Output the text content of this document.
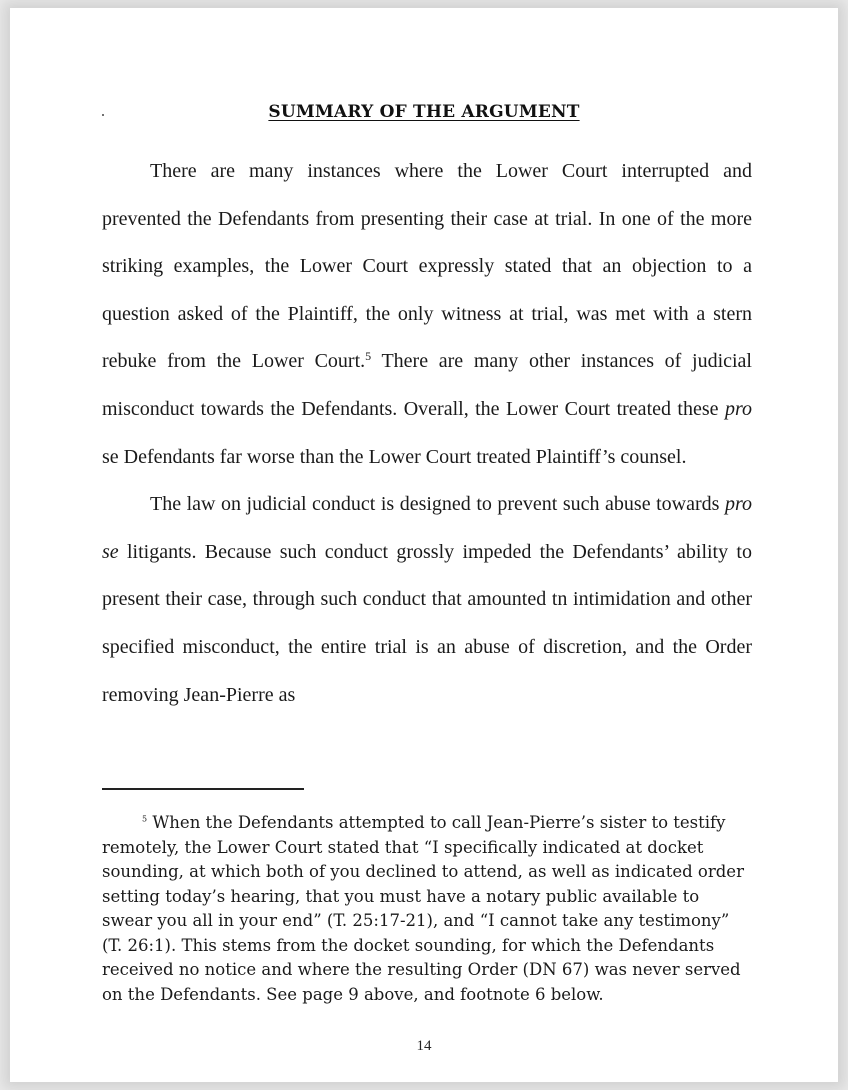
SUMMARY OF THE ARGUMENT

There are many instances where the Lower Court interrupted and prevented the Defendants from presenting their case at trial. In one of the more striking examples, the Lower Court expressly stated that an objection to a question asked of the Plaintiff, the only witness at trial, was met with a stern rebuke from the Lower Court.$^5$ There are many other instances of judicial misconduct towards the Defendants. Overall, the Lower Court treated these pro se Defendants far worse than the Lower Court treated Plaintiff’s counsel.

The law on judicial conduct is designed to prevent such abuse towards pro se litigants. Because such conduct grossly impeded the Defendants’ ability to present their case, through such conduct that amounted tn intimidation and other specified misconduct, the entire trial is an abuse of discretion, and the Order removing Jean-Pierre as

$^5$ When the Defendants attempted to call Jean-Pierre’s sister to testify remotely, the Lower Court stated that “I specifically indicated at docket sounding, at which both of you declined to attend, as well as indicated order setting today’s hearing, that you must have a notary public available to swear you all in your end” (T. 25:17-21), and “I cannot take any testimony” (T. 26:1). This stems from the docket sounding, for which the Defendants received no notice and where the resulting Order (DN 67) was never served on the Defendants. See page 9 above, and footnote 6 below.

14
